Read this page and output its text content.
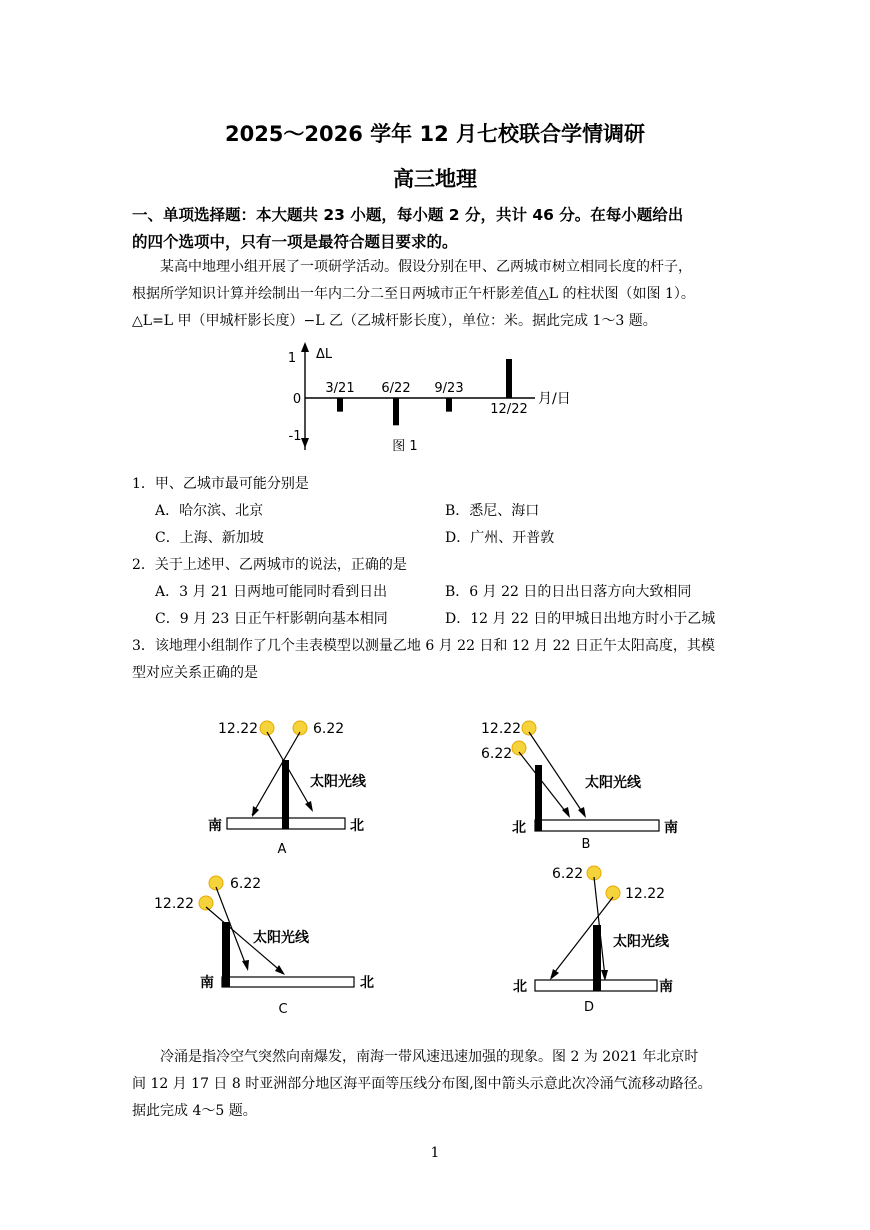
2025～2026 学年 12 月七校联合学情调研
高三地理
一、单项选择题：本大题共 23 小题，每小题 2 分，共计 46 分。在每小题给出
的四个选项中，只有一项是最符合题目要求的。
某高中地理小组开展了一项研学活动。假设分别在甲、乙两城市树立相同长度的杆子，
根据所学知识计算并绘制出一年内二分二至日两城市正午杆影差值△L 的柱状图（如图 1）。
△L=L 甲（甲城杆影长度）−L 乙（乙城杆影长度），单位：米。据此完成 1～3 题。
1
0
-1
ΔL
月/日
3/21 6/22 9/23
12/22
图 1
1．甲、乙城市最可能分别是
A．哈尔滨、北京	B．悉尼、海口
C．上海、新加坡	D．广州、开普敦
2．关于上述甲、乙两城市的说法，正确的是
A．3 月 21 日两地可能同时看到日出	B．6 月 22 日的日出日落方向大致相同
C．9 月 23 日正午杆影朝向基本相同	D．12 月 22 日的甲城日出地方时小于乙城
3．该地理小组制作了几个圭表模型以测量乙地 6 月 22 日和 12 月 22 日正午太阳高度，其模
型对应关系正确的是
12.22	6.22
太阳光线
南	北
A
12.22
6.22
太阳光线
北	南
B
6.22
12.22
太阳光线
南	北
C
6.22
12.22
太阳光线
北	南
D
冷涌是指冷空气突然向南爆发，南海一带风速迅速加强的现象。图 2 为 2021 年北京时
间 12 月 17 日 8 时亚洲部分地区海平面等压线分布图,图中箭头示意此次冷涌气流移动路径。
据此完成 4～5 题。
1
